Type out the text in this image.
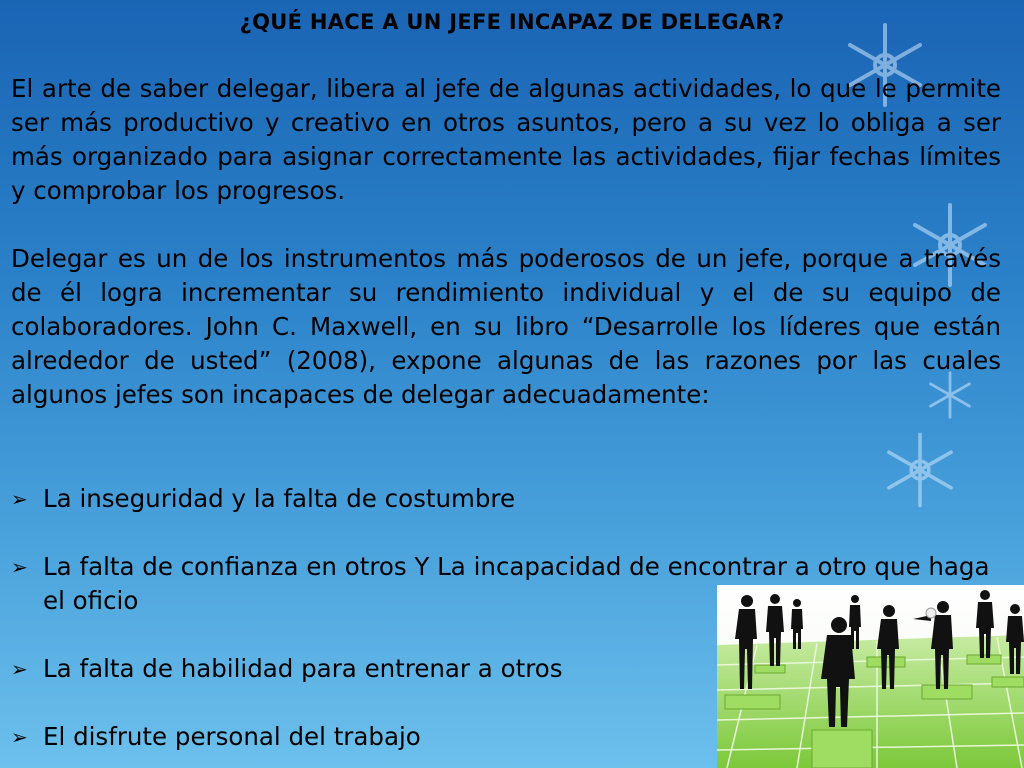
¿QUÉ HACE A UN JEFE INCAPAZ DE DELEGAR?
El arte de saber delegar, libera al jefe de algunas actividades, lo que le permite ser más productivo y creativo en otros asuntos, pero a su vez lo obliga a ser más organizado para asignar correctamente las actividades, fijar fechas límites y comprobar los progresos.
Delegar es un de los instrumentos más poderosos de un jefe, porque a través de él logra incrementar su rendimiento individual y el de su equipo de colaboradores. John C. Maxwell, en su libro “Desarrolle los líderes que están alrededor de usted” (2008), expone algunas de las razones por las cuales algunos jefes son incapaces de delegar adecuadamente:
➢ La inseguridad y la falta de costumbre
➢ La falta de confianza en otros Y La incapacidad de encontrar a otro que haga el oficio
➢ La falta de habilidad para entrenar a otros
➢ El disfrute personal del trabajo
